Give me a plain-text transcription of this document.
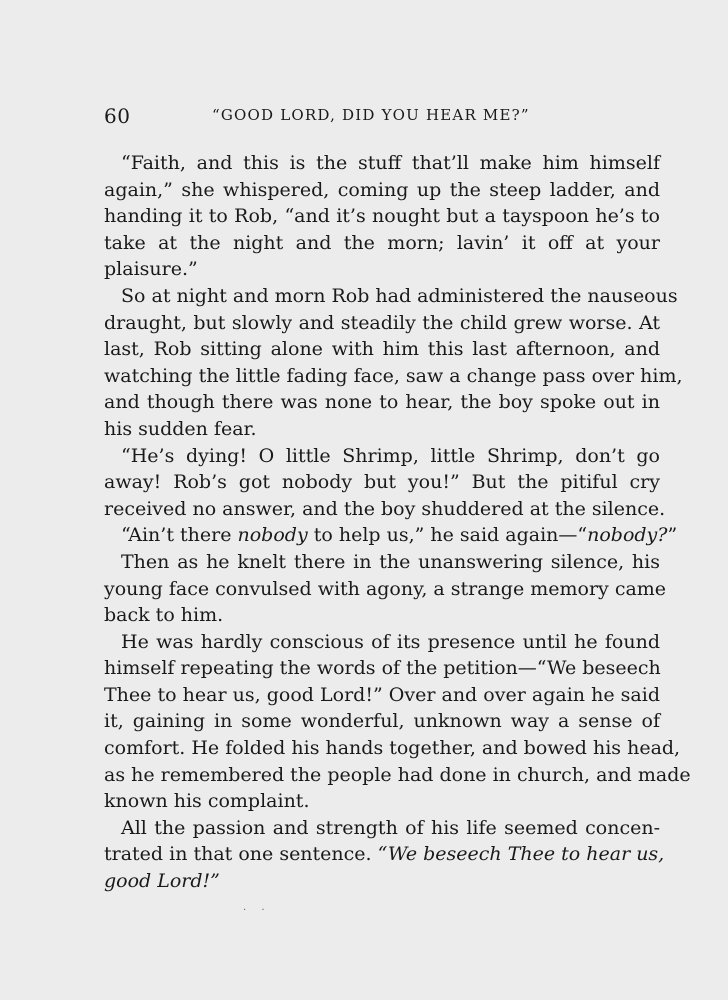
60	“GOOD LORD, DID YOU HEAR ME?”
“Faith, and this is the stuff that’ll make him himself
again,” she whispered, coming up the steep ladder, and
handing it to Rob, “and it’s nought but a tayspoon he’s to
take at the night and the morn; lavin’ it off at your
plaisure.”
So at night and morn Rob had administered the nauseous
draught, but slowly and steadily the child grew worse. At
last, Rob sitting alone with him this last afternoon, and
watching the little fading face, saw a change pass over him,
and though there was none to hear, the boy spoke out in
his sudden fear.
“He’s dying! O little Shrimp, little Shrimp, don’t go
away! Rob’s got nobody but you!” But the pitiful cry
received no answer, and the boy shuddered at the silence.
“Ain’t there nobody to help us,” he said again—“nobody?”
Then as he knelt there in the unanswering silence, his
young face convulsed with agony, a strange memory came
back to him.
He was hardly conscious of its presence until he found
himself repeating the words of the petition—“We beseech
Thee to hear us, good Lord!” Over and over again he said
it, gaining in some wonderful, unknown way a sense of
comfort. He folded his hands together, and bowed his head,
as he remembered the people had done in church, and made
known his complaint.
All the passion and strength of his life seemed concen-
trated in that one sentence. “We beseech Thee to hear us,
good Lord!”
· ·
